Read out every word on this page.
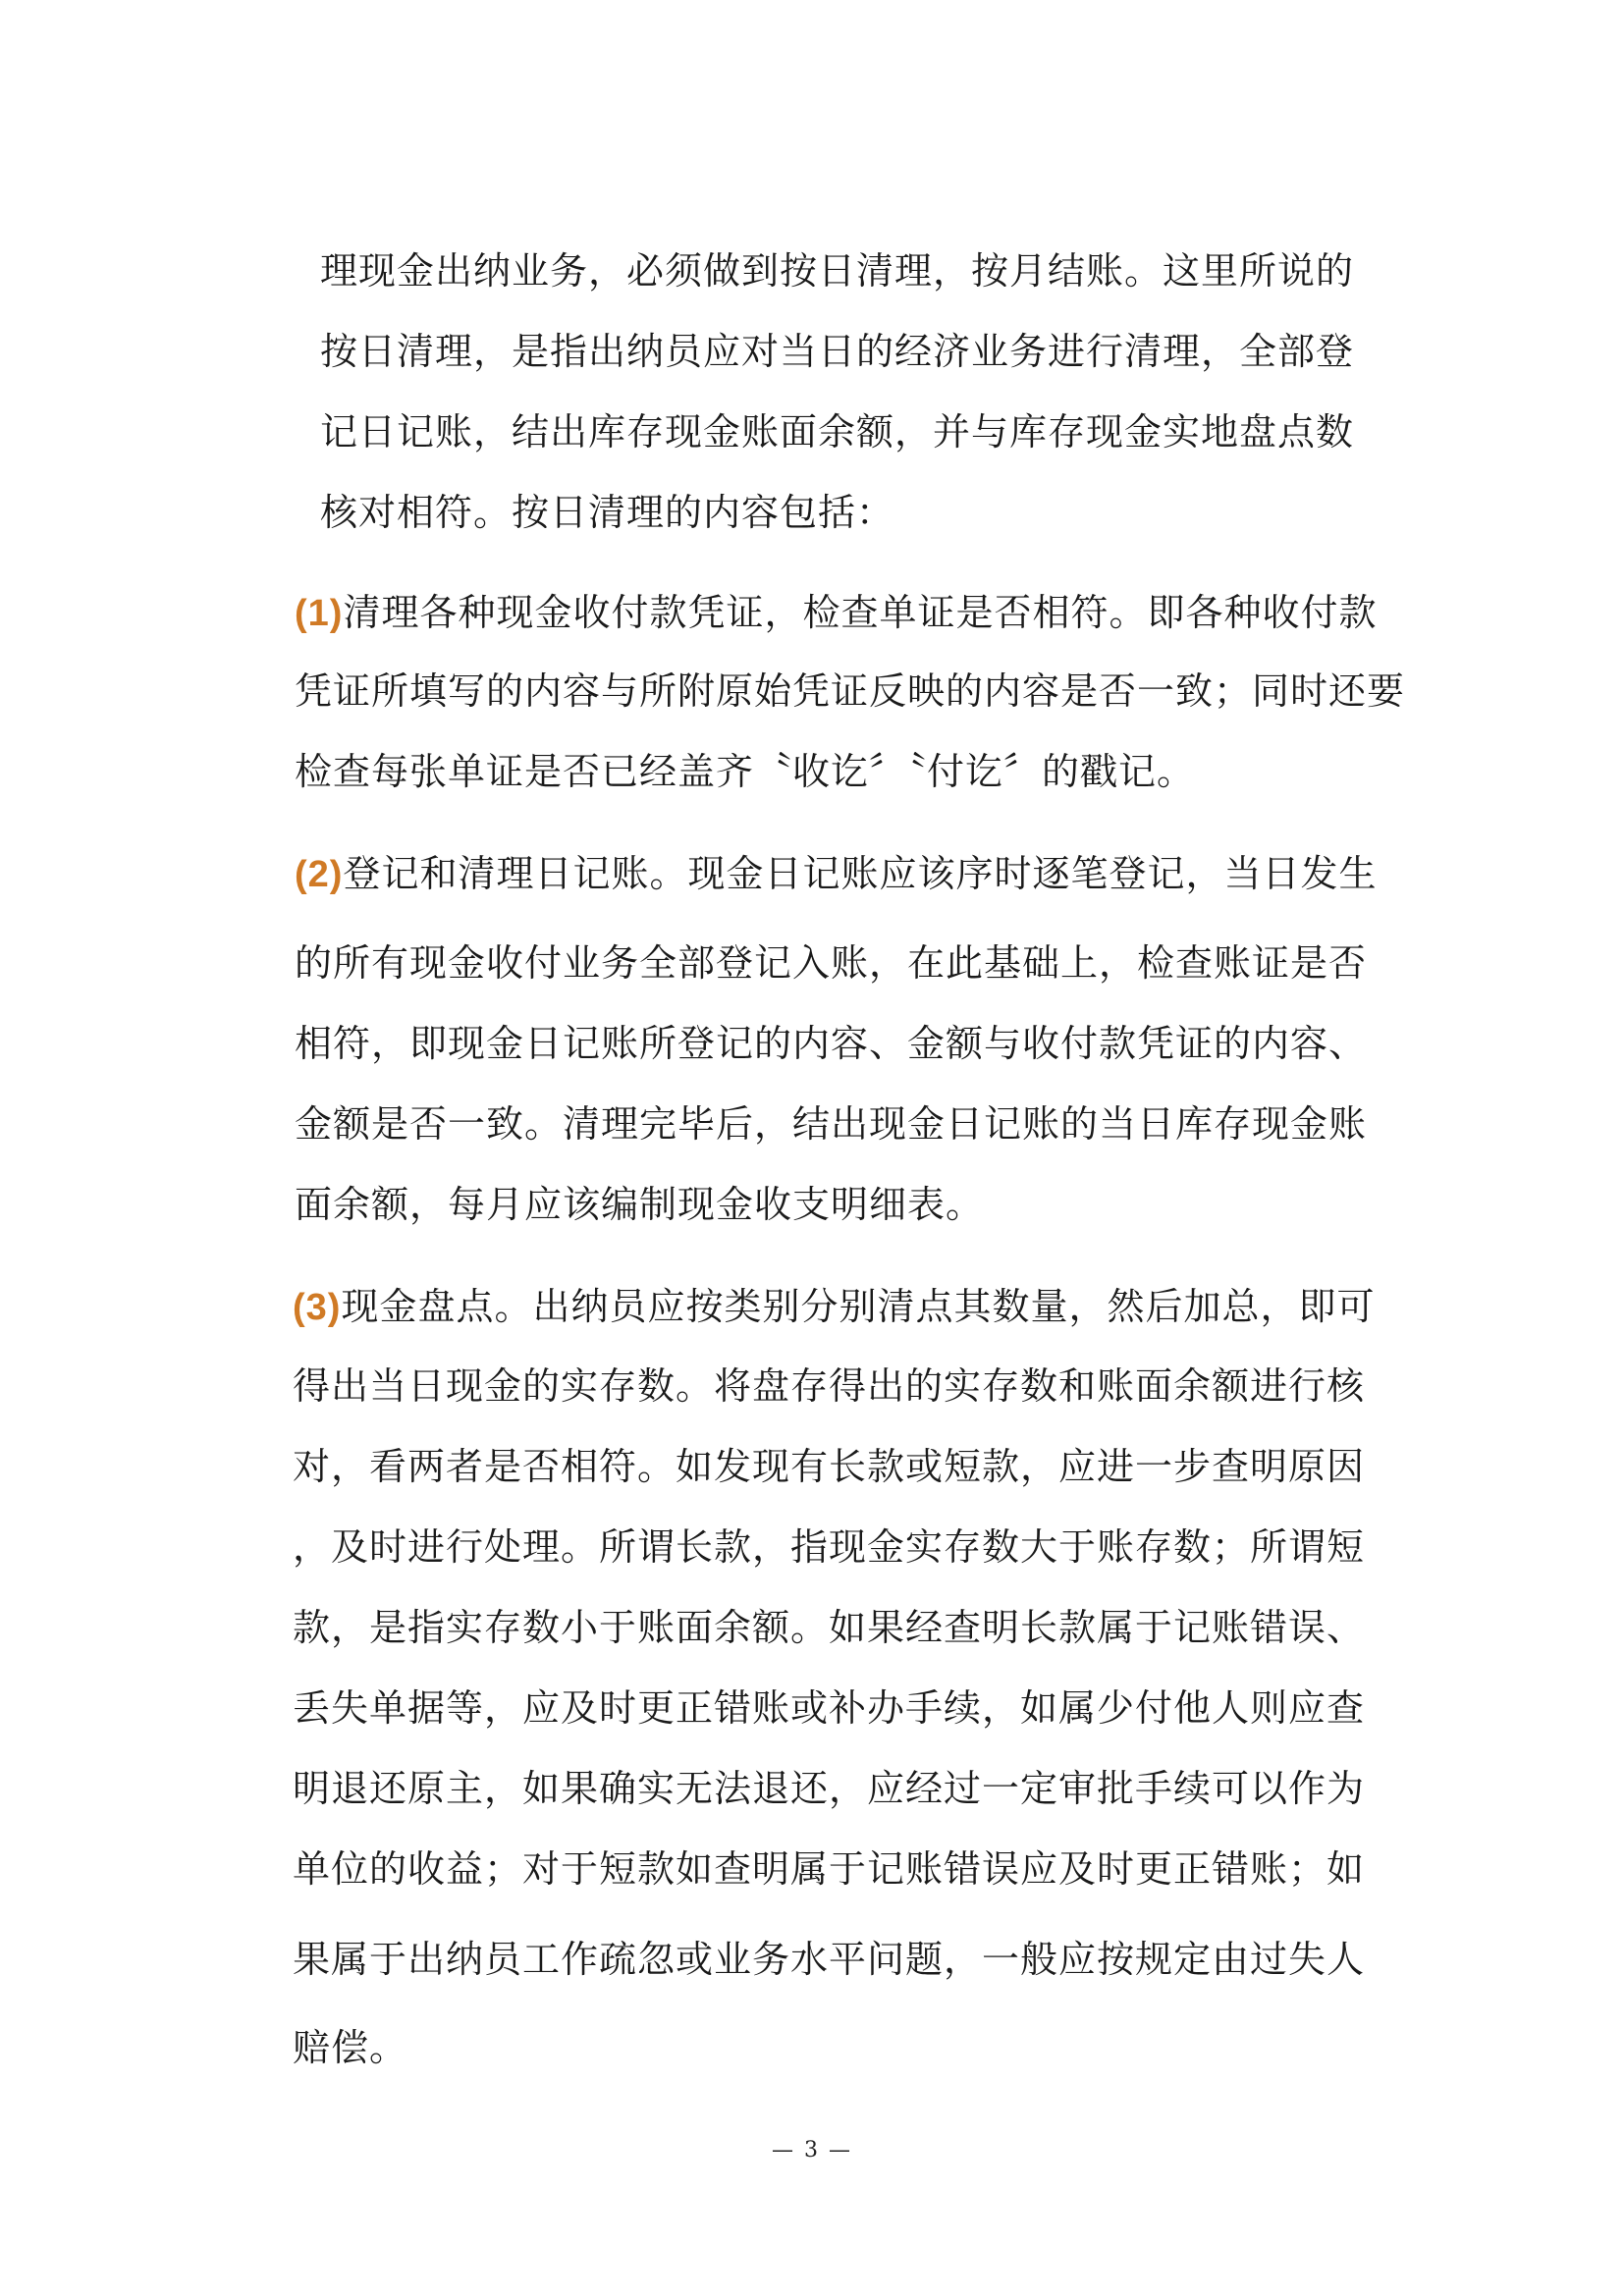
理现金出纳业务，必须做到按日清理，按月结账。这里所说的
按日清理，是指出纳员应对当日的经济业务进行清理，全部登
记日记账，结出库存现金账面余额，并与库存现金实地盘点数
核对相符。按日清理的内容包括：
(1)清理各种现金收付款凭证，检查单证是否相符。即各种收付款
凭证所填写的内容与所附原始凭证反映的内容是否一致；同时还要
检查每张单证是否已经盖齐〝收讫〞〝付讫〞的戳记。
(2)登记和清理日记账。现金日记账应该序时逐笔登记，当日发生
的所有现金收付业务全部登记入账，在此基础上，检查账证是否
相符，即现金日记账所登记的内容、金额与收付款凭证的内容、
金额是否一致。清理完毕后，结出现金日记账的当日库存现金账
面余额，每月应该编制现金收支明细表。
(3)现金盘点。出纳员应按类别分别清点其数量，然后加总，即可
得出当日现金的实存数。将盘存得出的实存数和账面余额进行核
对，看两者是否相符。如发现有长款或短款，应进一步查明原因
，及时进行处理。所谓长款，指现金实存数大于账存数；所谓短
款，是指实存数小于账面余额。如果经查明长款属于记账错误、
丢失单据等，应及时更正错账或补办手续，如属少付他人则应查
明退还原主，如果确实无法退还，应经过一定审批手续可以作为
单位的收益；对于短款如查明属于记账错误应及时更正错账；如
果属于出纳员工作疏忽或业务水平问题，一般应按规定由过失人
赔偿。
— 3 —
